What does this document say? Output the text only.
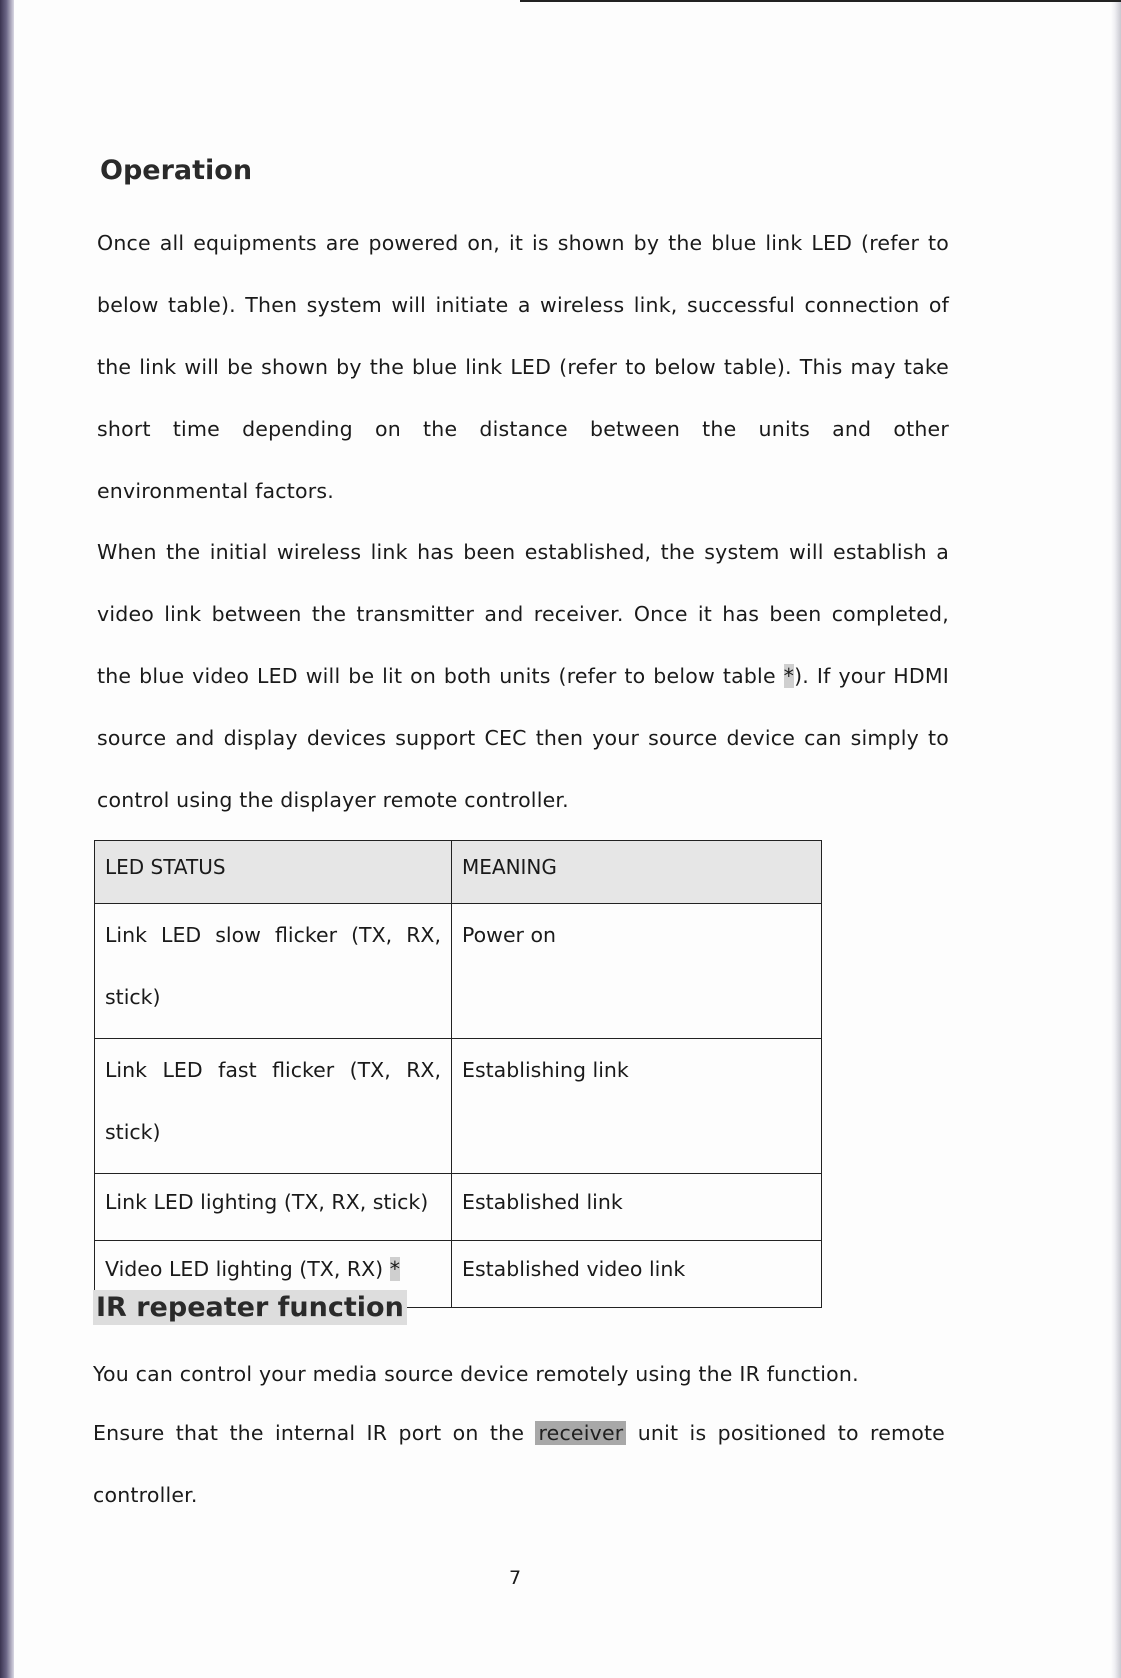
Operation

Once all equipments are powered on, it is shown by the blue link LED (refer to below table). Then system will initiate a wireless link, successful connection of the link will be shown by the blue link LED (refer to below table). This may take short time depending on the distance between the units and other environmental factors.

When the initial wireless link has been established, the system will establish a video link between the transmitter and receiver. Once it has been completed, the blue video LED will be lit on both units (refer to below table *). If your HDMI source and display devices support CEC then your source device can simply to control using the displayer remote controller.

LED STATUS	MEANING
Link LED slow flicker (TX, RX, stick)	Power on
Link LED fast flicker (TX, RX, stick)	Establishing link
Link LED lighting (TX, RX, stick)	Established link
Video LED lighting (TX, RX) *	Established video link
IR repeater function

You can control your media source device remotely using the IR function.

Ensure that the internal IR port on the receiver unit is positioned to remote controller.

7
